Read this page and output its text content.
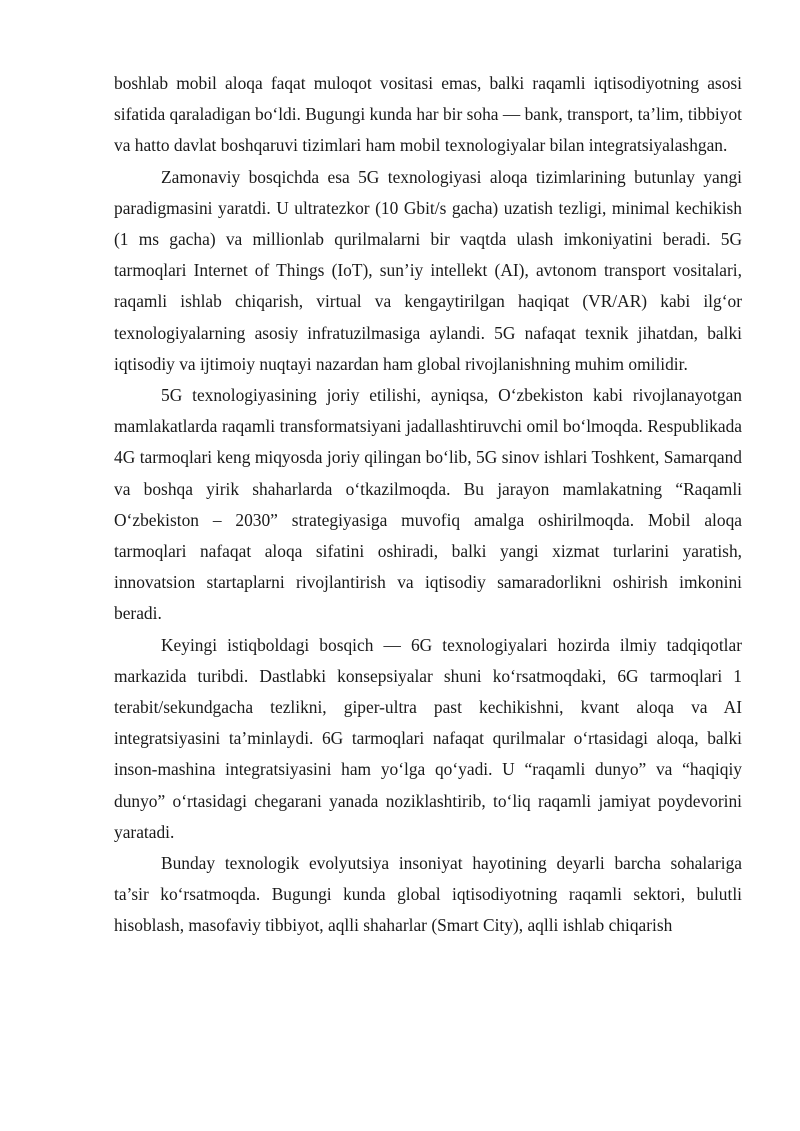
boshlab mobil aloqa faqat muloqot vositasi emas, balki raqamli iqtisodiyotning asosi sifatida qaraladigan bo‘ldi. Bugungi kunda har bir soha — bank, transport, ta’lim, tibbiyot va hatto davlat boshqaruvi tizimlari ham mobil texnologiyalar bilan integratsiyalashgan.

Zamonaviy bosqichda esa 5G texnologiyasi aloqa tizimlarining butunlay yangi paradigmasini yaratdi. U ultratezkor (10 Gbit/s gacha) uzatish tezligi, minimal kechikish (1 ms gacha) va millionlab qurilmalarni bir vaqtda ulash imkoniyatini beradi. 5G tarmoqlari Internet of Things (IoT), sun’iy intellekt (AI), avtonom transport vositalari, raqamli ishlab chiqarish, virtual va kengaytirilgan haqiqat (VR/AR) kabi ilg‘or texnologiyalarning asosiy infratuzilmasiga aylandi. 5G nafaqat texnik jihatdan, balki iqtisodiy va ijtimoiy nuqtayi nazardan ham global rivojlanishning muhim omilidir.

5G texnologiyasining joriy etilishi, ayniqsa, O‘zbekiston kabi rivojlanayotgan mamlakatlarda raqamli transformatsiyani jadallashtiruvchi omil bo‘lmoqda. Respublikada 4G tarmoqlari keng miqyosda joriy qilingan bo‘lib, 5G sinov ishlari Toshkent, Samarqand va boshqa yirik shaharlarda o‘tkazilmoqda. Bu jarayon mamlakatning “Raqamli O‘zbekiston – 2030” strategiyasiga muvofiq amalga oshirilmoqda. Mobil aloqa tarmoqlari nafaqat aloqa sifatini oshiradi, balki yangi xizmat turlarini yaratish, innovatsion startaplarni rivojlantirish va iqtisodiy samaradorlikni oshirish imkonini beradi.

Keyingi istiqboldagi bosqich — 6G texnologiyalari hozirda ilmiy tadqiqotlar markazida turibdi. Dastlabki konsepsiyalar shuni ko‘rsatmoqdaki, 6G tarmoqlari 1 terabit/sekundgacha tezlikni, giper-ultra past kechikishni, kvant aloqa va AI integratsiyasini ta’minlaydi. 6G tarmoqlari nafaqat qurilmalar o‘rtasidagi aloqa, balki inson-mashina integratsiyasini ham yo‘lga qo‘yadi. U “raqamli dunyo” va “haqiqiy dunyo” o‘rtasidagi chegarani yanada noziklashtirib, to‘liq raqamli jamiyat poydevorini yaratadi.

Bunday texnologik evolyutsiya insoniyat hayotining deyarli barcha sohalariga ta’sir ko‘rsatmoqda. Bugungi kunda global iqtisodiyotning raqamli sektori, bulutli hisoblash, masofaviy tibbiyot, aqlli shaharlar (Smart City), aqlli ishlab chiqarish
